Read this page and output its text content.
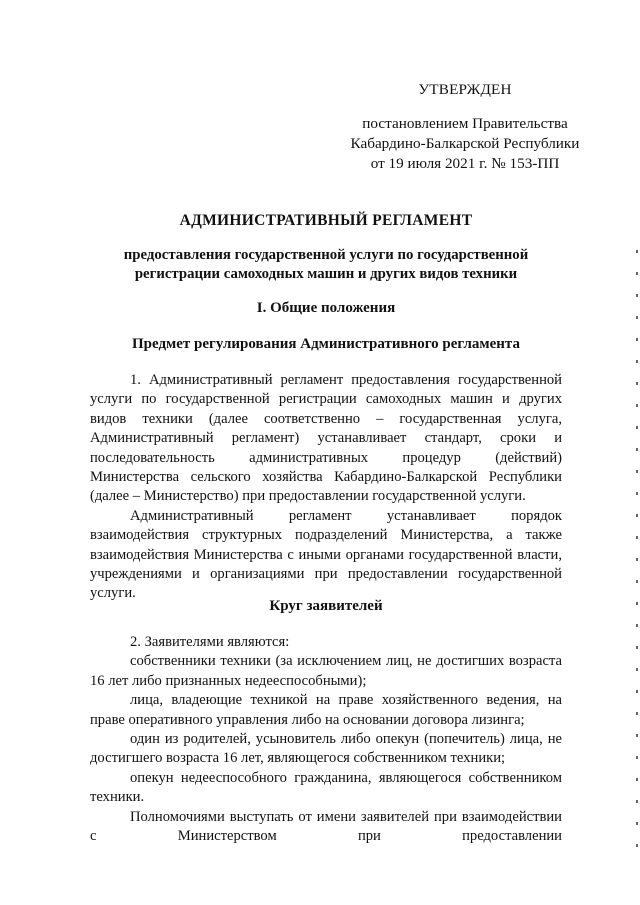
УТВЕРЖДЕН
постановлением Правительства
Кабардино-Балкарской Республики
от 19 июля 2021 г. № 153-ПП
АДМИНИСТРАТИВНЫЙ РЕГЛАМЕНТ
предоставления государственной услуги по государственной
регистрации самоходных машин и других видов техники
I. Общие положения
Предмет регулирования Административного регламента

1. Административный регламент предоставления государственной услуги по государственной регистрации самоходных машин и других видов техники (далее соответственно – государственная услуга, Административный регламент) устанавливает стандарт, сроки и последовательность административных процедур (действий) Министерства сельского хозяйства Кабардино-Балкарской Республики (далее – Министерство) при предоставлении государственной услуги.

Административный регламент устанавливает порядок взаимодействия структурных подразделений Министерства, а также взаимодействия Министерства с иными органами государственной власти, учреждениями и организациями при предоставлении государственной услуги.

Круг заявителей

2. Заявителями являются:

собственники техники (за исключением лиц, не достигших возраста 16 лет либо признанных недееспособными);

лица, владеющие техникой на праве хозяйственного ведения, на праве оперативного управления либо на основании договора лизинга;

один из родителей, усыновитель либо опекун (попечитель) лица, не достигшего возраста 16 лет, являющегося собственником техники;

опекун недееспособного гражданина, являющегося собственником техники.

Полномочиями выступать от имени заявителей при взаимодействии с Министерством при предоставлении
